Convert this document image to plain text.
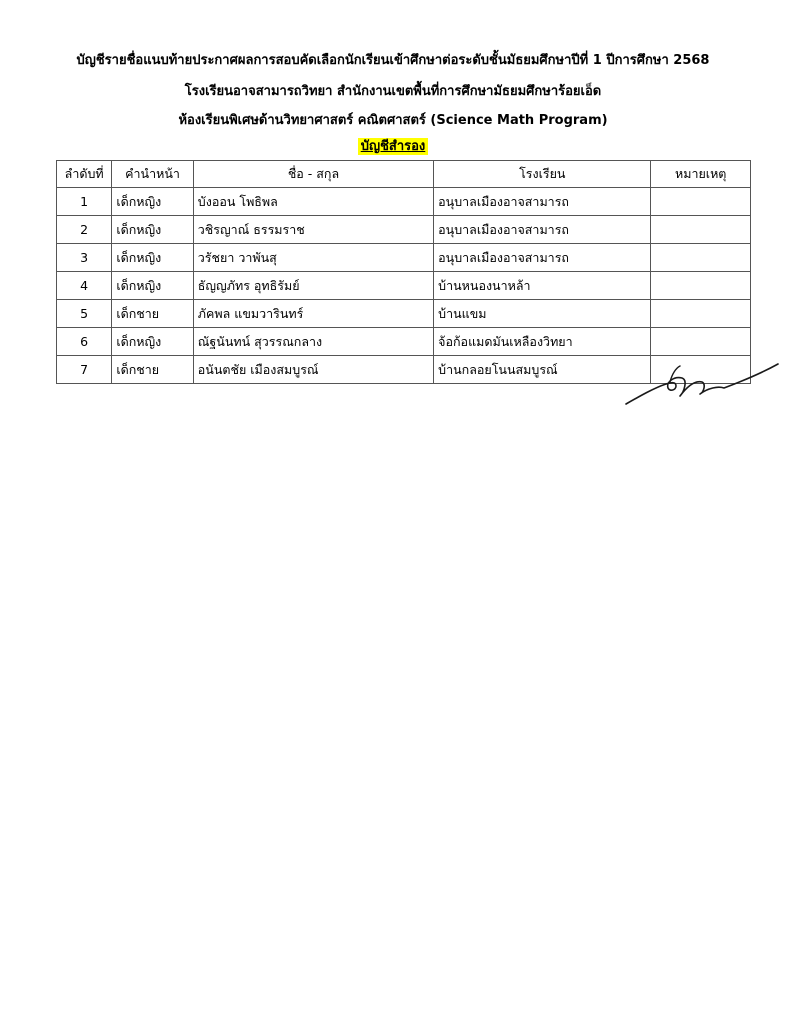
บัญชีรายชื่อแนบท้ายประกาศผลการสอบคัดเลือกนักเรียนเข้าศึกษาต่อระดับชั้นมัธยมศึกษาปีที่ 1 ปีการศึกษา 2568
โรงเรียนอาจสามารถวิทยา สำนักงานเขตพื้นที่การศึกษามัธยมศึกษาร้อยเอ็ด
ห้องเรียนพิเศษด้านวิทยาศาสตร์ คณิตศาสตร์ (Science Math Program)
บัญชีสำรอง
ลำดับที่	คำนำหน้า	ชื่อ - สกุล	โรงเรียน	หมายเหตุ
1	เด็กหญิง	บังออน โพธิพล	อนุบาลเมืองอาจสามารถ	
2	เด็กหญิง	วชิรญาณ์ ธรรมราช	อนุบาลเมืองอาจสามารถ	
3	เด็กหญิง	วรัชยา วาพันสุ	อนุบาลเมืองอาจสามารถ	
4	เด็กหญิง	ธัญญภัทร อุทธิรัมย์	บ้านหนองนาหล้า	
5	เด็กชาย	ภัคพล แขมวารินทร์	บ้านแขม	
6	เด็กหญิง	ณัฐนันทน์ สุวรรณกลาง	จ้อก้อแมดมันเหลืองวิทยา	
7	เด็กชาย	อนันตชัย เมืองสมบูรณ์	บ้านกลอยโนนสมบูรณ์	
